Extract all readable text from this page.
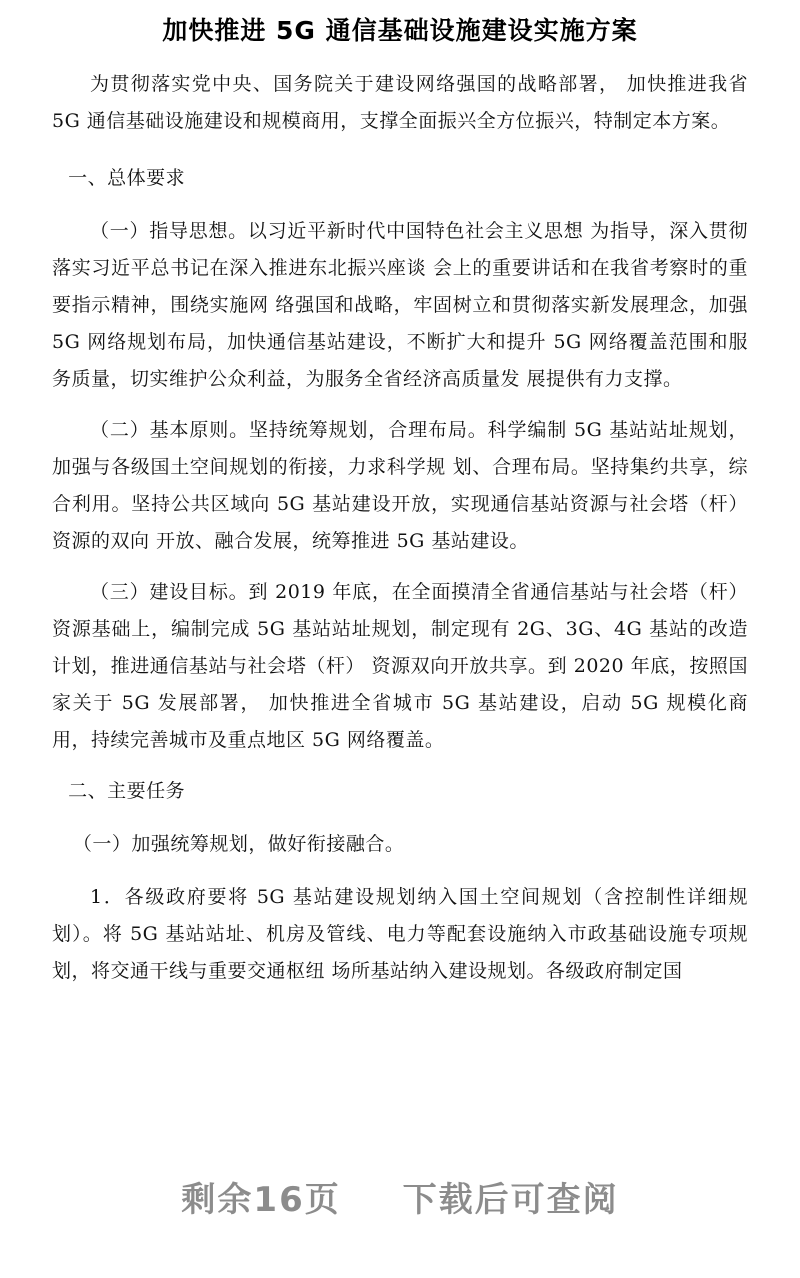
加快推进 5G 通信基础设施建设实施方案

为贯彻落实党中央、国务院关于建设网络强国的战略部署， 加快推进我省 5G 通信基础设施建设和规模商用，支撑全面振兴全方位振兴，特制定本方案。

一、总体要求

（一）指导思想。以习近平新时代中国特色社会主义思想 为指导，深入贯彻落实习近平总书记在深入推进东北振兴座谈 会上的重要讲话和在我省考察时的重要指示精神，围绕实施网 络强国和战略，牢固树立和贯彻落实新发展理念，加强 5G 网络规划布局，加快通信基站建设，不断扩大和提升 5G 网络覆盖范围和服务质量，切实维护公众利益，为服务全省经济高质量发 展提供有力支撑。

（二）基本原则。坚持统筹规划，合理布局。科学编制 5G 基站站址规划，加强与各级国土空间规划的衔接，力求科学规 划、合理布局。坚持集约共享，综合利用。坚持公共区域向 5G 基站建设开放，实现通信基站资源与社会塔（杆）资源的双向 开放、融合发展，统筹推进 5G 基站建设。

（三）建设目标。到 2019 年底，在全面摸清全省通信基站与社会塔（杆）资源基础上，编制完成 5G 基站站址规划，制定现有 2G、3G、4G 基站的改造计划，推进通信基站与社会塔（杆） 资源双向开放共享。到 2020 年底，按照国家关于 5G 发展部署， 加快推进全省城市 5G 基站建设，启动 5G 规模化商用，持续完善城市及重点地区 5G 网络覆盖。

二、主要任务

（一）加强统筹规划，做好衔接融合。

1．各级政府要将 5G 基站建设规划纳入国土空间规划（含控制性详细规划）。将 5G 基站站址、机房及管线、电力等配套设施纳入市政基础设施专项规划，将交通干线与重要交通枢纽 场所基站纳入建设规划。各级政府制定国

剩余16页 下载后可查阅
